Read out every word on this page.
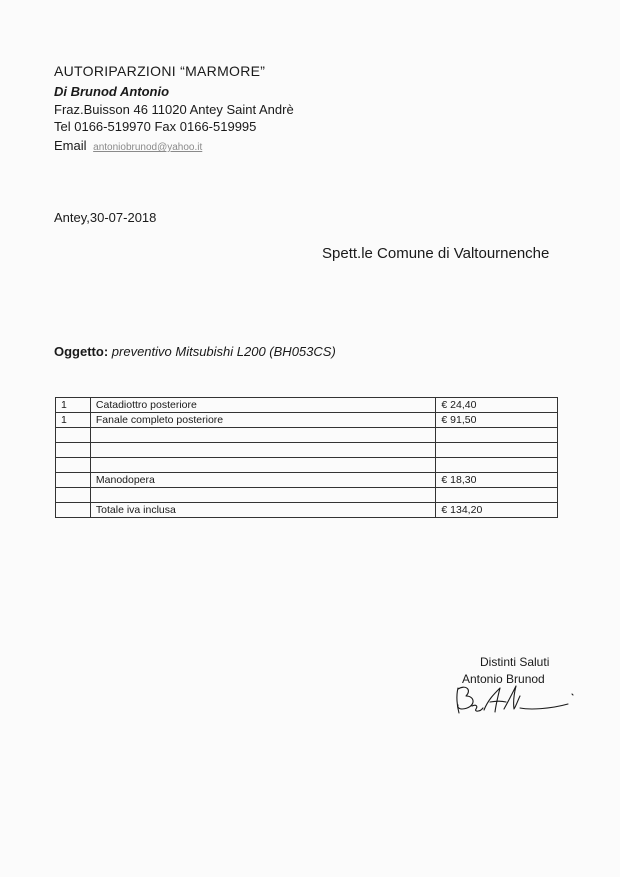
AUTORIPARZIONI “MARMORE”
Di Brunod Antonio
Fraz.Buisson 46 11020 Antey Saint Andrè
Tel 0166-519970 Fax 0166-519995
Email antoniobrunod@yahoo.it
Antey,30-07-2018
Spett.le Comune di Valtournenche
Oggetto: preventivo Mitsubishi L200 (BH053CS)
1	Catadiottro posteriore	€ 24,40
1	Fanale completo posteriore	€ 91,50

	Manodopera	€ 18,30

	Totale iva inclusa	€ 134,20
Distinti Saluti
Antonio Brunod
